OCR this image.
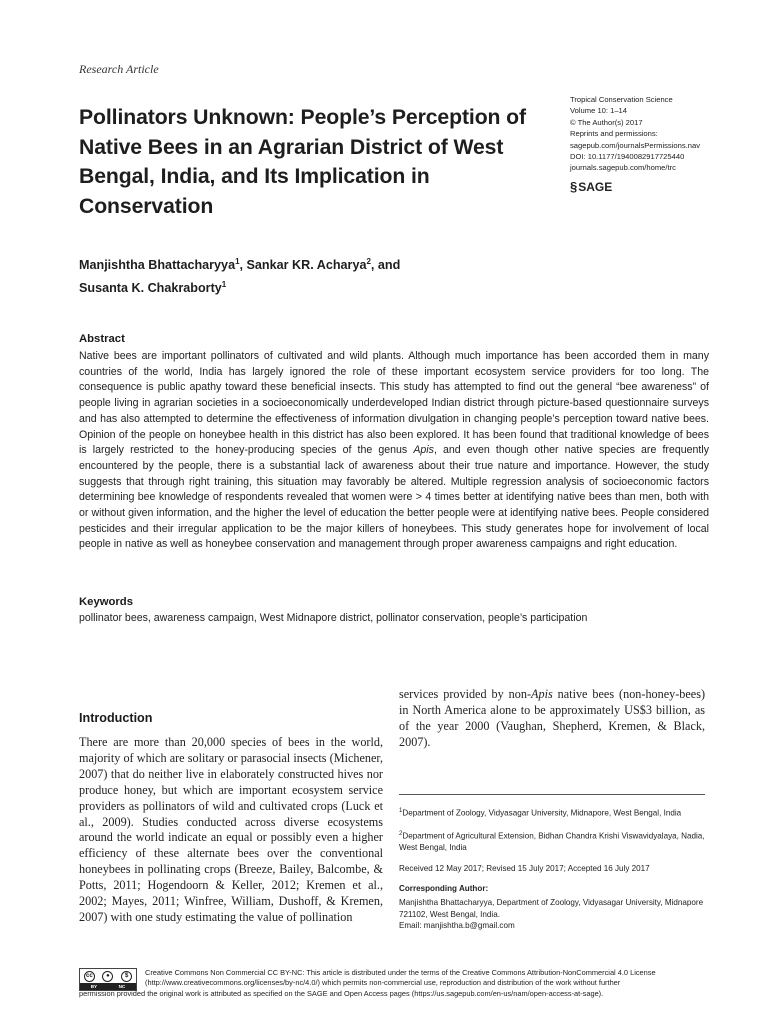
Research Article
Pollinators Unknown: People’s Perception of Native Bees in an Agrarian District of West Bengal, India, and Its Implication in Conservation
Tropical Conservation Science
Volume 10: 1–14
© The Author(s) 2017
Reprints and permissions:
sagepub.com/journalsPermissions.nav
DOI: 10.1177/1940082917725440
journals.sagepub.com/home/trc
§ SAGE
Manjishtha Bhattacharyya$^1$, Sankar KR. Acharya$^2$, and
Susanta K. Chakraborty$^1$
Abstract
Native bees are important pollinators of cultivated and wild plants. Although much importance has been accorded them in many countries of the world, India has largely ignored the role of these important ecosystem service providers for too long. The consequence is public apathy toward these beneficial insects. This study has attempted to find out the general “bee awareness” of people living in agrarian societies in a socioeconomically underdeveloped Indian district through picture-based questionnaire surveys and has also attempted to determine the effectiveness of information divulgation in changing people’s perception toward native bees. Opinion of the people on honeybee health in this district has also been explored. It has been found that traditional knowledge of bees is largely restricted to the honey-producing species of the genus Apis, and even though other native species are frequently encountered by the people, there is a substantial lack of awareness about their true nature and importance. However, the study suggests that through right training, this situation may favorably be altered. Multiple regression analysis of socioeconomic factors determining bee knowledge of respondents revealed that women were > 4 times better at identifying native bees than men, both with or without given information, and the higher the level of education the better people were at identifying native bees. People considered pesticides and their irregular application to be the major killers of honeybees. This study generates hope for involvement of local people in native as well as honeybee conservation and management through proper awareness campaigns and right education.
Keywords
pollinator bees, awareness campaign, West Midnapore district, pollinator conservation, people’s participation
Introduction
There are more than 20,000 species of bees in the world, majority of which are solitary or parasocial insects (Michener, 2007) that do neither live in elaborately constructed hives nor produce honey, but which are important ecosystem service providers as pollinators of wild and cultivated crops (Luck et al., 2009). Studies conducted across diverse ecosystems around the world indicate an equal or possibly even a higher efficiency of these alternate bees over the conventional honeybees in pollinating crops (Breeze, Bailey, Balcombe, & Potts, 2011; Hogendoorn & Keller, 2012; Kremen et al., 2002; Mayes, 2011; Winfree, William, Dushoff, & Kremen, 2007) with one study estimating the value of pollination
services provided by non-Apis native bees (non-honey-bees) in North America alone to be approximately US$3 billion, as of the year 2000 (Vaughan, Shepherd, Kremen, & Black, 2007).
$^1$Department of Zoology, Vidyasagar University, Midnapore, West Bengal, India
$^2$Department of Agricultural Extension, Bidhan Chandra Krishi Viswavidyalaya, Nadia, West Bengal, India
Received 12 May 2017; Revised 15 July 2017; Accepted 16 July 2017
Corresponding Author:
Manjishtha Bhattacharyya, Department of Zoology, Vidyasagar University, Midnapore 721102, West Bengal, India.
Email: manjishtha.b@gmail.com
cc	●	$
BY	NC
Creative Commons Non Commercial CC BY-NC: This article is distributed under the terms of the Creative Commons Attribution-NonCommercial 4.0 License (http://www.creativecommons.org/licenses/by-nc/4.0/) which permits non-commercial use, reproduction and distribution of the work without further
permission provided the original work is attributed as specified on the SAGE and Open Access pages (https://us.sagepub.com/en-us/nam/open-access-at-sage).
